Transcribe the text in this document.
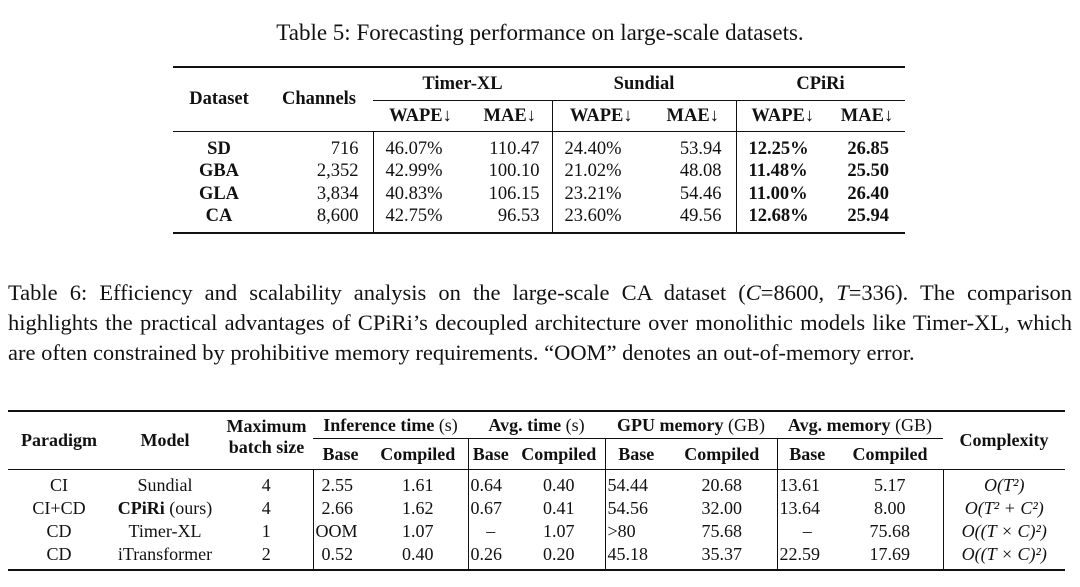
Table 5: Forecasting performance on large-scale datasets.
Dataset	Channels	Timer-XL		Sundial		CPiRi	
		WAPE↓	MAE↓	WAPE↓	MAE↓	WAPE↓	MAE↓

SD	716	46.07%	110.47	24.40%	53.94	12.25%	26.85
GBA	2,352	42.99%	100.10	21.02%	48.08	11.48%	25.50
GLA	3,834	40.83%	106.15	23.21%	54.46	11.00%	26.40
CA	8,600	42.75%	96.53	23.60%	49.56	12.68%	25.94
Table 6: Efficiency and scalability analysis on the large-scale CA dataset (C=8600, T=336). The comparison highlights the practical advantages of CPiRi’s decoupled architecture over monolithic models like Timer-XL, which are often constrained by prohibitive memory requirements. “OOM” denotes an out-of-memory error.
Paradigm	Model	Maximum batch size	Inference time (s)		Avg. time (s)		GPU memory (GB)		Avg. memory (GB)		Complexity
			Base	Compiled	Base	Compiled	Base	Compiled	Base	Compiled	

CI	Sundial	4	2.55	1.61	0.64	0.40	54.44	20.68	13.61	5.17	O(T²)
CI+CD	CPiRi (ours)	4	2.66	1.62	0.67	0.41	54.56	32.00	13.64	8.00	O(T² + C²)
CD	Timer-XL	1	OOM	1.07	–	1.07	>80	75.68	–	75.68	O((T × C)²)
CD	iTransformer	2	0.52	0.40	0.26	0.20	45.18	35.37	22.59	17.69	O((T × C)²)
